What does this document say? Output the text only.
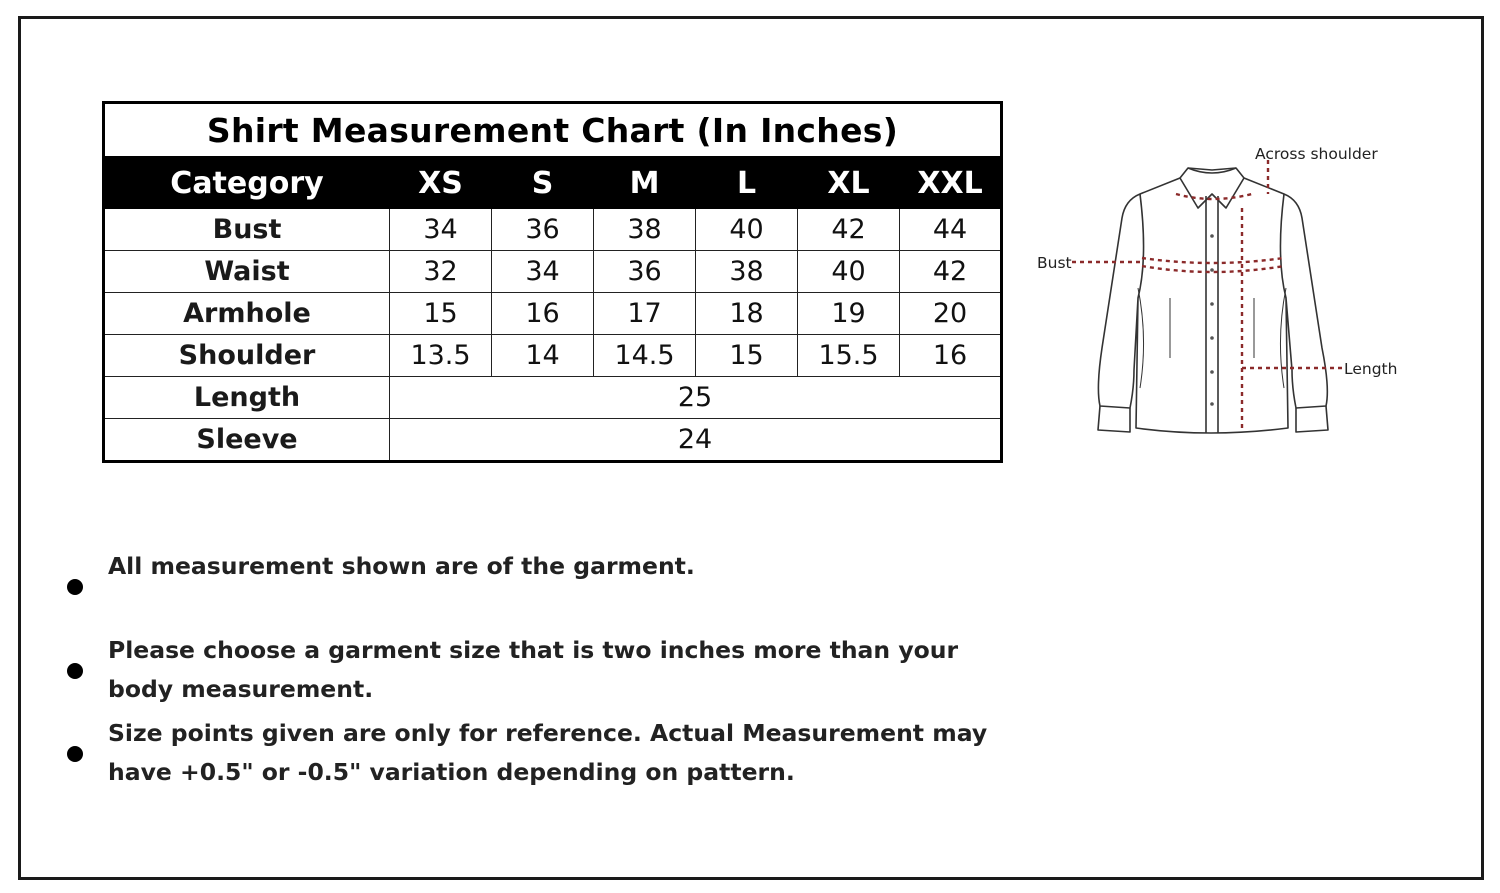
Shirt Measurement Chart (In Inches)						
Category	XS	S	M	L	XL	XXL
Bust	34	36	38	40	42	44
Waist	32	34	36	38	40	42
Armhole	15	16	17	18	19	20
Shoulder	13.5	14	14.5	15	15.5	16
Length	25					
Sleeve	24					
Across shoulder
Bust
Length
All measurement shown are of the garment.
Please choose a garment size that is two inches more than your body measurement.
Size points given are only for reference. Actual Measurement may have +0.5" or -0.5" variation depending on pattern.
